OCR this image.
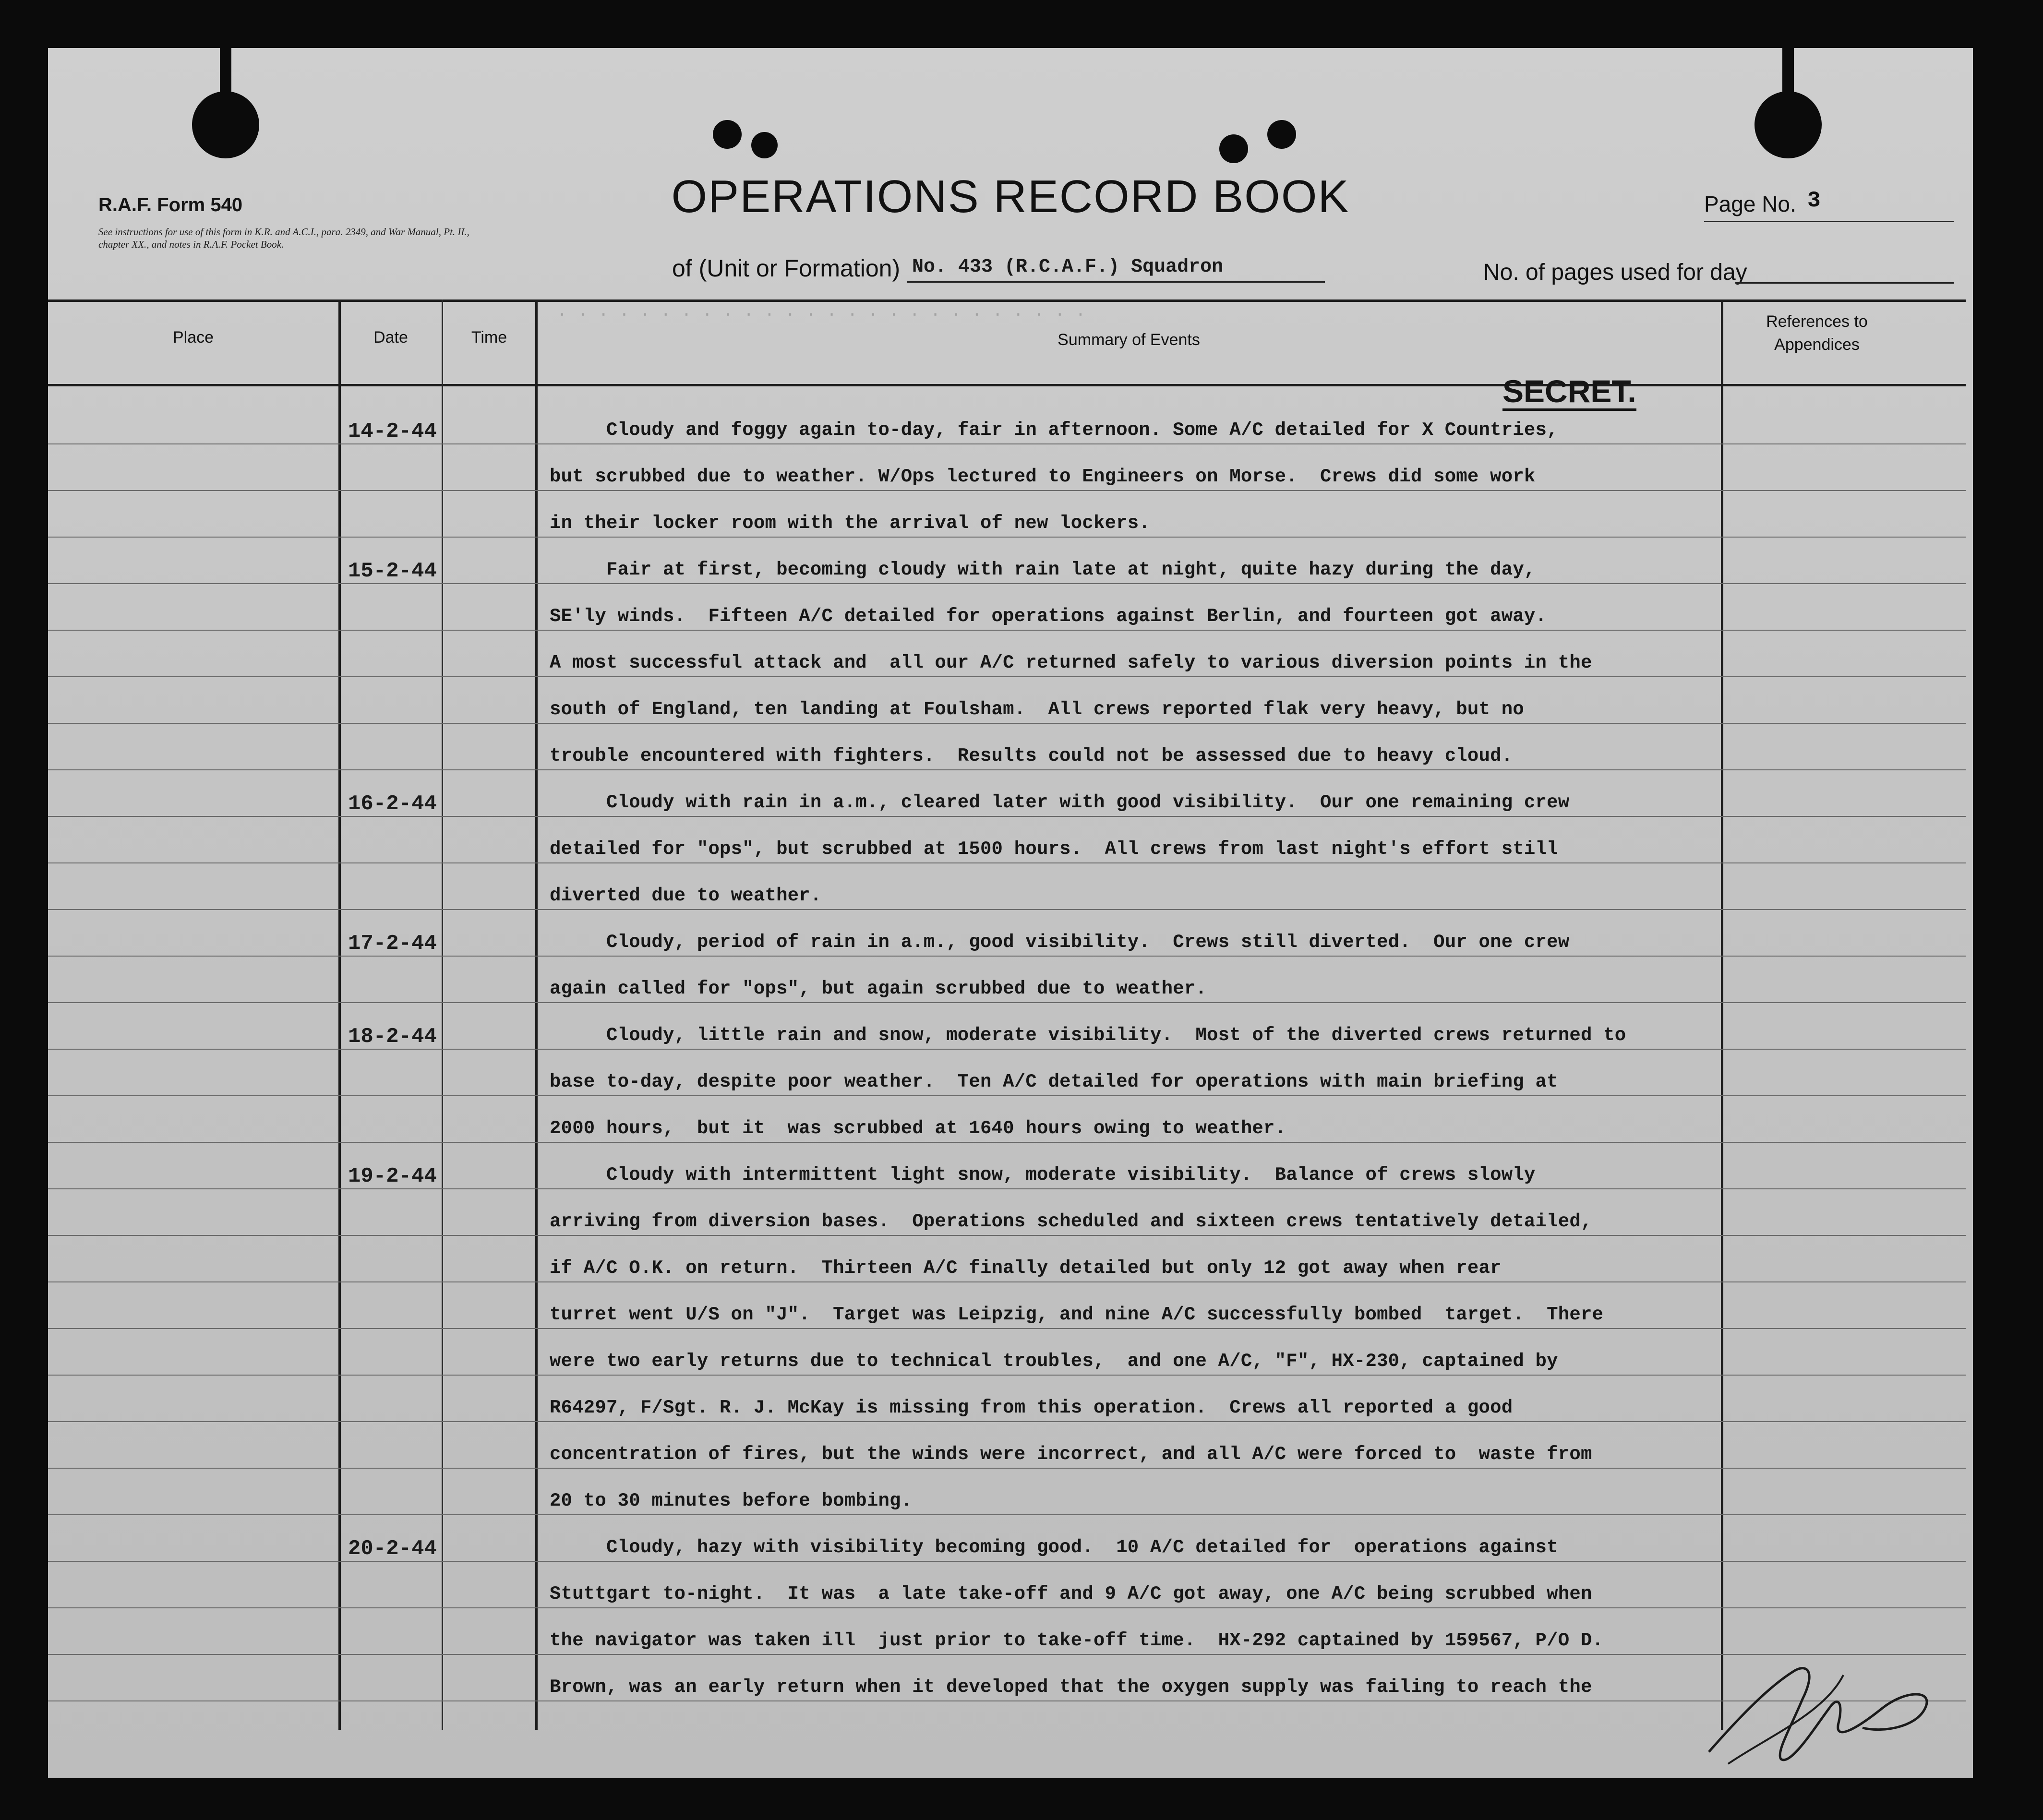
R.A.F. Form 540
See instructions for use of this form in K.R. and A.C.I., para. 2349, and War Manual, Pt. II., chapter XX., and notes in R.A.F. Pocket Book.
OPERATIONS RECORD BOOK	Page No. 3
of (Unit or Formation) No. 433 (R.C.A.F.) Squadron	No. of pages used for day
Place	Date	Time	Summary of Events
References to Appendices
SECRET.
· · · · · · · · · · · · · · · · · · · · · · · · · ·
14-2-44	Cloudy and foggy again to-day, fair in afternoon. Some A/C detailed for X Countries,
but scrubbed due to weather. W/Ops lectured to Engineers on Morse.  Crews did some work
in their locker room with the arrival of new lockers.
15-2-44	Fair at first, becoming cloudy with rain late at night, quite hazy during the day,
SE'ly winds.  Fifteen A/C detailed for operations against Berlin, and fourteen got away.
A most successful attack and  all our A/C returned safely to various diversion points in the
south of England, ten landing at Foulsham.  All crews reported flak very heavy, but no
trouble encountered with fighters.  Results could not be assessed due to heavy cloud.
16-2-44	Cloudy with rain in a.m., cleared later with good visibility.  Our one remaining crew
detailed for "ops", but scrubbed at 1500 hours.  All crews from last night's effort still
diverted due to weather.
17-2-44	Cloudy, period of rain in a.m., good visibility.  Crews still diverted.  Our one crew
again called for "ops", but again scrubbed due to weather.
18-2-44	Cloudy, little rain and snow, moderate visibility.  Most of the diverted crews returned to
base to-day, despite poor weather.  Ten A/C detailed for operations with main briefing at
2000 hours,  but it  was scrubbed at 1640 hours owing to weather.
19-2-44	Cloudy with intermittent light snow, moderate visibility.  Balance of crews slowly
arriving from diversion bases.  Operations scheduled and sixteen crews tentatively detailed,
if A/C O.K. on return.  Thirteen A/C finally detailed but only 12 got away when rear
turret went U/S on "J".  Target was Leipzig, and nine A/C successfully bombed  target.  There
were two early returns due to technical troubles,  and one A/C, "F", HX-230, captained by
R64297, F/Sgt. R. J. McKay is missing from this operation.  Crews all reported a good
concentration of fires, but the winds were incorrect, and all A/C were forced to  waste from
20 to 30 minutes before bombing.
20-2-44	Cloudy, hazy with visibility becoming good.  10 A/C detailed for  operations against
Stuttgart to-night.  It was  a late take-off and 9 A/C got away, one A/C being scrubbed when
the navigator was taken ill  just prior to take-off time.  HX-292 captained by 159567, P/O D.
Brown, was an early return when it developed that the oxygen supply was failing to reach the
